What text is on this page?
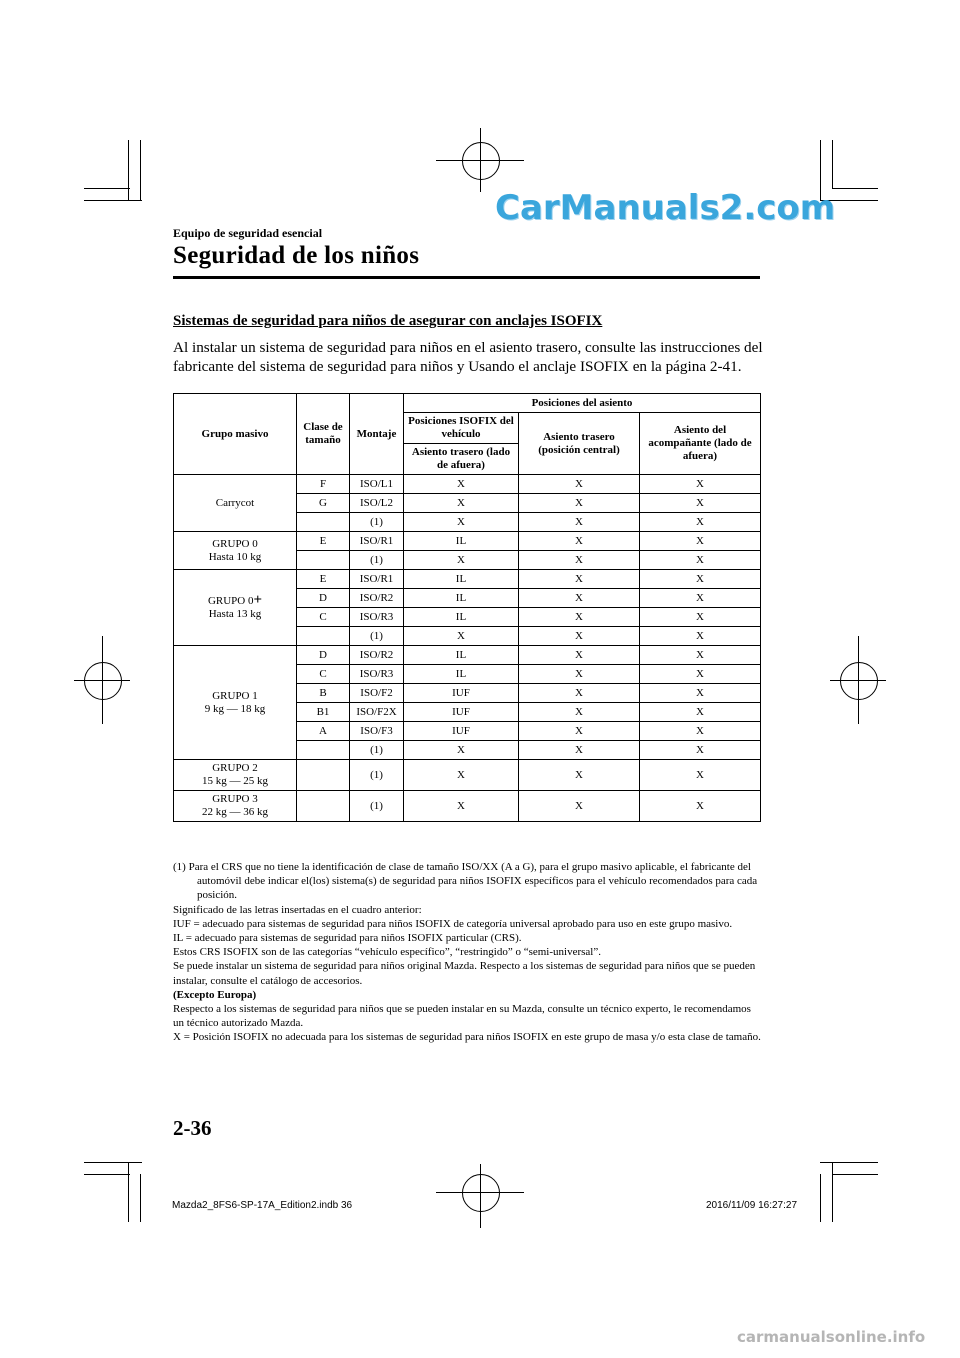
CarManuals2.com
Equipo de seguridad esencial
Seguridad de los niños
Sistemas de seguridad para niños de asegurar con anclajes ISOFIX
Al instalar un sistema de seguridad para niños en el asiento trasero, consulte las instrucciones del fabricante del sistema de seguridad para niños y Usando el anclaje ISOFIX en la página 2-41.
Grupo masivo	Clase de tamaño	Montaje	Posiciones del asiento		
			Posiciones ISOFIX del vehículo	Asiento trasero (posición central)	Asiento del acompañante (lado de afuera)
			Asiento trasero (lado de afuera)		
Carrycot	F	ISO/L1	X	X	X
	G	ISO/L2	X	X	X
		(1)	X	X	X
GRUPO 0
Hasta 10 kg	E	ISO/R1	IL	X	X
		(1)	X	X	X
GRUPO 0+
Hasta 13 kg	E	ISO/R1	IL	X	X
	D	ISO/R2	IL	X	X
	C	ISO/R3	IL	X	X
		(1)	X	X	X
GRUPO 1
9 kg — 18 kg	D	ISO/R2	IL	X	X
	C	ISO/R3	IL	X	X
	B	ISO/F2	IUF	X	X
	B1	ISO/F2X	IUF	X	X
	A	ISO/F3	IUF	X	X
		(1)	X	X	X
GRUPO 2
15 kg — 25 kg		(1)	X	X	X
GRUPO 3
22 kg — 36 kg		(1)	X	X	X

(1) Para el CRS que no tiene la identificación de clase de tamaño ISO/XX (A a G), para el grupo masivo aplicable, el fabricante del automóvil debe indicar el(los) sistema(s) de seguridad para niños ISOFIX específicos para el vehículo recomendados para cada posición.

Significado de las letras insertadas en el cuadro anterior:

IUF = adecuado para sistemas de seguridad para niños ISOFIX de categoría universal aprobado para uso en este grupo masivo.

IL = adecuado para sistemas de seguridad para niños ISOFIX particular (CRS).

Estos CRS ISOFIX son de las categorías “vehículo específico”, “restringido” o “semi-universal”.

Se puede instalar un sistema de seguridad para niños original Mazda. Respecto a los sistemas de seguridad para niños que se pueden instalar, consulte el catálogo de accesorios.

(Excepto Europa)

Respecto a los sistemas de seguridad para niños que se pueden instalar en su Mazda, consulte un técnico experto, le recomendamos un técnico autorizado Mazda.

X = Posición ISOFIX no adecuada para los sistemas de seguridad para niños ISOFIX en este grupo de masa y/o esta clase de tamaño.

2-36
Mazda2_8FS6-SP-17A_Edition2.indb 36	2016/11/09 16:27:27
carmanualsonline.info
